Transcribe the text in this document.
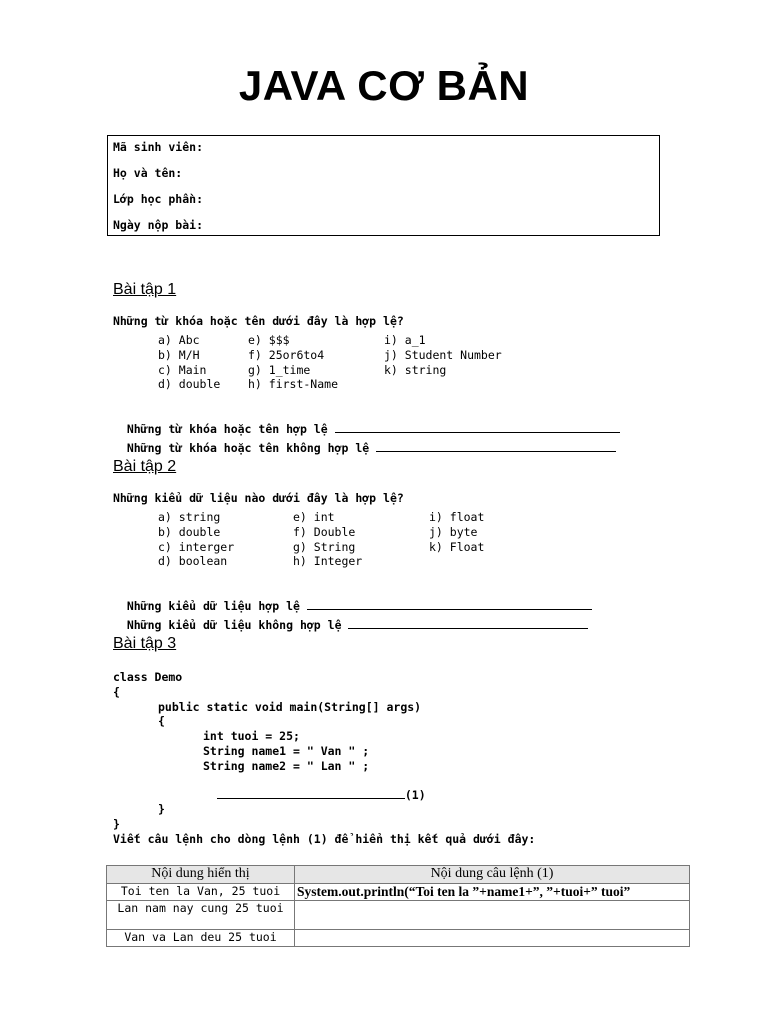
JAVA CƠ BẢN
Mã sinh viên:
Họ và tên:
Lớp học phần:
Ngày nộp bài:
Bài tập 1
Những từ khóa hoặc tên dưới đây là hợp lệ?
a) Abc	e) $$$	i) a_1
b) M/H	f) 25or6to4	j) Student Number
c) Main	g) 1_time	k) string
d) double h) first-Name

Những từ khóa hoặc tên hợp lệ

Những từ khóa hoặc tên không hợp lệ

Bài tập 2
Những kiểu dữ liệu nào dưới đây là hợp lệ?
a) string	e) int	i) float
b) double	f) Double	j) byte
c) interger	g) String	k) Float
d) boolean	h) Integer

Những kiểu dữ liệu hợp lệ

Những kiểu dữ liệu không hợp lệ

Bài tập 3
class Demo
{
public static void main(String[] args)
{
int tuoi = 25;
String name1 = " Van " ;
String name2 = " Lan " ;

(1)

}
}
Viết câu lệnh cho dòng lệnh (1) để hiển thị kết quả dưới đây:
Nội dung hiển thị	Nội dung câu lệnh (1)
Toi ten la Van, 25 tuoi	System.out.println(“Toi ten la ”+name1+”, ”+tuoi+” tuoi”
Lan nam nay cung 25 tuoi	
Van va Lan deu 25 tuoi	
